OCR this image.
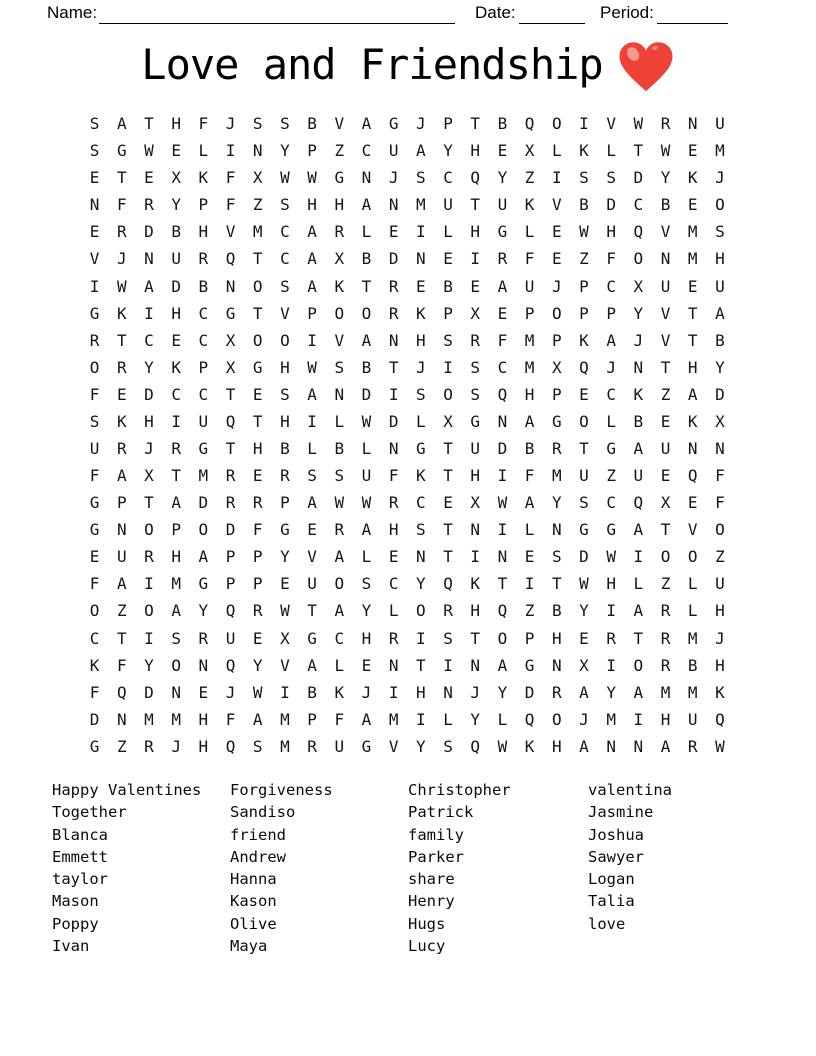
Name:	Date:	Period:
Love and Friendship
S	A	T	H	F	J	S	S	B	V	A	G	J	P	T	B	Q	O	I	V	W	R	N	U
S	G	W	E	L	I	N	Y	P	Z	C	U	A	Y	H	E	X	L	K	L	T	W	E	M
E	T	E	X	K	F	X	W	W	G	N	J	S	C	Q	Y	Z	I	S	S	D	Y	K	J
N	F	R	Y	P	F	Z	S	H	H	A	N	M	U	T	U	K	V	B	D	C	B	E	O
E	R	D	B	H	V	M	C	A	R	L	E	I	L	H	G	L	E	W	H	Q	V	M	S
V	J	N	U	R	Q	T	C	A	X	B	D	N	E	I	R	F	E	Z	F	O	N	M	H
I	W	A	D	B	N	O	S	A	K	T	R	E	B	E	A	U	J	P	C	X	U	E	U
G	K	I	H	C	G	T	V	P	O	O	R	K	P	X	E	P	O	P	P	Y	V	T	A
R	T	C	E	C	X	O	O	I	V	A	N	H	S	R	F	M	P	K	A	J	V	T	B
O	R	Y	K	P	X	G	H	W	S	B	T	J	I	S	C	M	X	Q	J	N	T	H	Y
F	E	D	C	C	T	E	S	A	N	D	I	S	O	S	Q	H	P	E	C	K	Z	A	D
S	K	H	I	U	Q	T	H	I	L	W	D	L	X	G	N	A	G	O	L	B	E	K	X
U	R	J	R	G	T	H	B	L	B	L	N	G	T	U	D	B	R	T	G	A	U	N	N
F	A	X	T	M	R	E	R	S	S	U	F	K	T	H	I	F	M	U	Z	U	E	Q	F
G	P	T	A	D	R	R	P	A	W	W	R	C	E	X	W	A	Y	S	C	Q	X	E	F
G	N	O	P	O	D	F	G	E	R	A	H	S	T	N	I	L	N	G	G	A	T	V	O
E	U	R	H	A	P	P	Y	V	A	L	E	N	T	I	N	E	S	D	W	I	O	O	Z
F	A	I	M	G	P	P	E	U	O	S	C	Y	Q	K	T	I	T	W	H	L	Z	L	U
O	Z	O	A	Y	Q	R	W	T	A	Y	L	O	R	H	Q	Z	B	Y	I	A	R	L	H
C	T	I	S	R	U	E	X	G	C	H	R	I	S	T	O	P	H	E	R	T	R	M	J
K	F	Y	O	N	Q	Y	V	A	L	E	N	T	I	N	A	G	N	X	I	O	R	B	H
F	Q	D	N	E	J	W	I	B	K	J	I	H	N	J	Y	D	R	A	Y	A	M	M	K
D	N	M	M	H	F	A	M	P	F	A	M	I	L	Y	L	Q	O	J	M	I	H	U	Q
G	Z	R	J	H	Q	S	M	R	U	G	V	Y	S	Q	W	K	H	A	N	N	A	R	W
Happy Valentines
Together
Blanca
Emmett
taylor
Mason
Poppy
Ivan
Forgiveness
Sandiso
friend
Andrew
Hanna
Kason
Olive
Maya
Christopher
Patrick
family
Parker
share
Henry
Hugs
Lucy
valentina
Jasmine
Joshua
Sawyer
Logan
Talia
love
